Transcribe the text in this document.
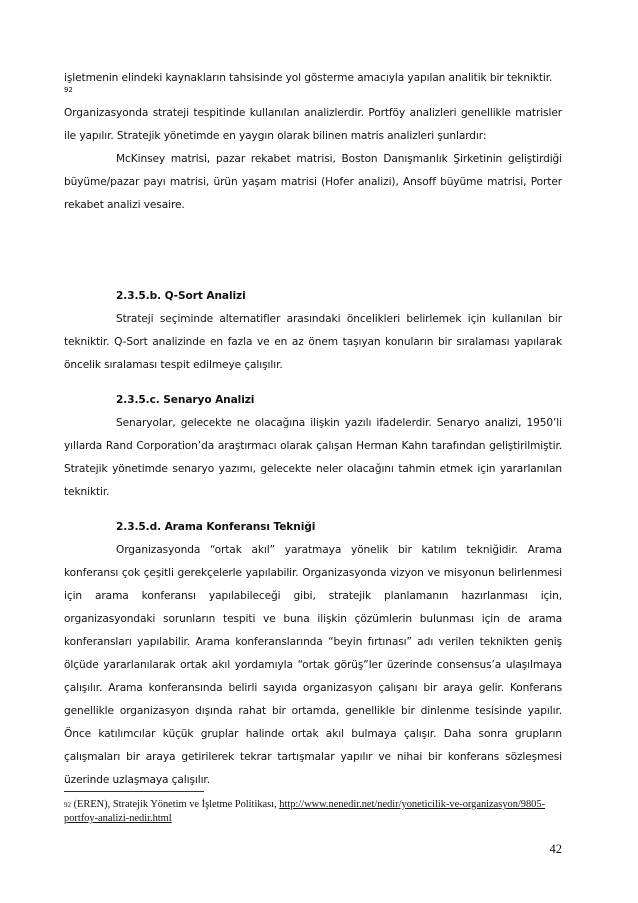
işletmenin elindeki kaynakların tahsisinde yol gösterme amacıyla yapılan analitik bir tekniktir.

92

Organizasyonda strateji tespitinde kullanılan analizlerdir. Portföy analizleri genellikle matrisler ile yapılır. Stratejik yönetimde en yaygın olarak bilinen matris analizleri şunlardır:

McKinsey matrisi, pazar rekabet matrisi, Boston Danışmanlık Şirketinin geliştirdiği büyüme/pazar payı matrisi, ürün yaşam matrisi (Hofer analizi), Ansoff büyüme matrisi, Porter rekabet analizi vesaire.

2.3.5.b. Q-Sort Analizi

Strateji seçiminde alternatifler arasındaki öncelikleri belirlemek için kullanılan bir tekniktir. Q-Sort analizinde en fazla ve en az önem taşıyan konuların bir sıralaması yapılarak öncelik sıralaması tespit edilmeye çalışılır.

2.3.5.c. Senaryo Analizi

Senaryolar, gelecekte ne olacağına ilişkin yazılı ifadelerdir. Senaryo analizi, 1950’li yıllarda Rand Corporation’da araştırmacı olarak çalışan Herman Kahn tarafından geliştirilmiştir. Stratejik yönetimde senaryo yazımı, gelecekte neler olacağını tahmin etmek için yararlanılan tekniktir.

2.3.5.d. Arama Konferansı Tekniği

Organizasyonda “ortak akıl” yaratmaya yönelik bir katılım tekniğidir. Arama konferansı çok çeşitli gerekçelerle yapılabilir. Organizasyonda vizyon ve misyonun belirlenmesi için arama konferansı yapılabileceği gibi, stratejik planlamanın hazırlanması için, organizasyondaki sorunların tespiti ve buna ilişkin çözümlerin bulunması için de arama konferansları yapılabilir. Arama konferanslarında “beyin fırtınası” adı verilen teknikten geniş ölçüde yararlanılarak ortak akıl yordamıyla “ortak görüş”ler üzerinde consensus’a ulaşılmaya çalışılır. Arama konferansında belirli sayıda organizasyon çalışanı bir araya gelir. Konferans genellikle organizasyon dışında rahat bir ortamda, genellikle bir dinlenme tesisinde yapılır. Önce katılımcılar küçük gruplar halinde ortak akıl bulmaya çalışır. Daha sonra grupların çalışmaları bir araya getirilerek tekrar tartışmalar yapılır ve nihai bir konferans sözleşmesi üzerinde uzlaşmaya çalışılır.

$^{92}$ (EREN), Stratejik Yönetim ve İşletme Politikası, http://www.nenedir.net/nedir/yoneticilik-ve-organizasyon/9805-portfoy-analizi-nedir.html
42
